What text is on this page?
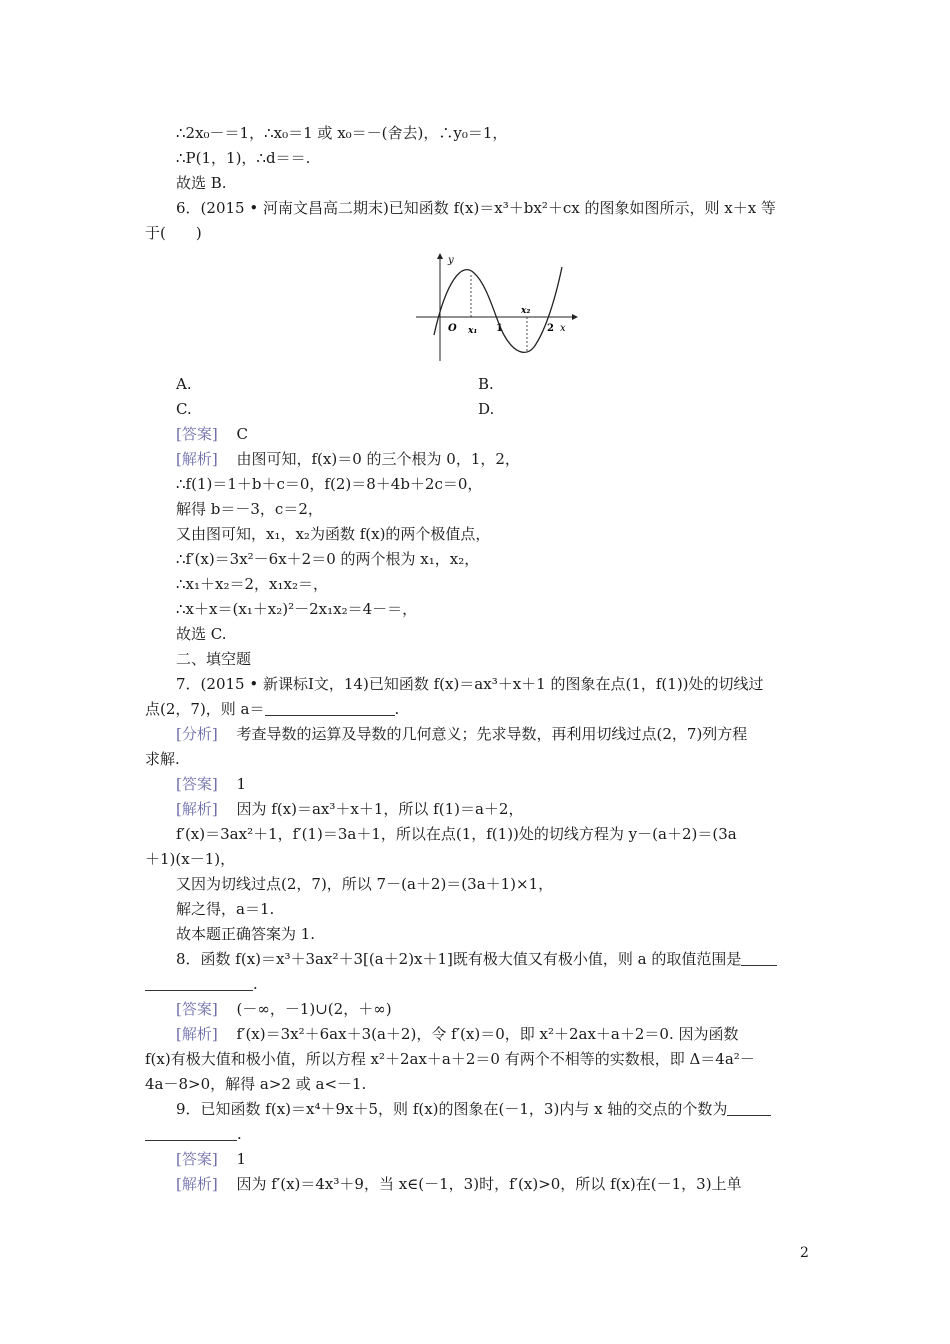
∴2x₀－＝1，∴x₀＝1 或 x₀＝－(舍去)，∴y₀＝1，
∴P(1，1)，∴d＝＝.
故选 B.
6．(2015 • 河南文昌高二期末)已知函数 f(x)＝x³＋bx²＋cx 的图象如图所示，则 x＋x 等
于(　　)
y
x
O x₁
x₂
1	2
A.	B.
C.	D.
[答案] C
[解析] 由图可知，f(x)＝0 的三个根为 0，1，2，
∴f(1)＝1＋b＋c＝0，f(2)＝8＋4b＋2c＝0，
解得 b＝－3，c＝2，
又由图可知，x₁，x₂为函数 f(x)的两个极值点，
∴f′(x)＝3x²－6x＋2＝0 的两个根为 x₁，x₂，
∴x₁＋x₂＝2，x₁x₂＝，
∴x＋x＝(x₁＋x₂)²－2x₁x₂＝4－＝，
故选 C.
二、填空题
7．(2015 • 新课标Ⅰ文，14)已知函数 f(x)＝ax³＋x＋1 的图象在点(1，f(1))处的切线过
点(2，7)，则 a＝	.
[分析] 考查导数的运算及导数的几何意义；先求导数，再利用切线过点(2，7)列方程
求解.
[答案] 1
[解析] 因为 f(x)＝ax³＋x＋1，所以 f(1)＝a＋2，
f′(x)＝3ax²＋1，f′(1)＝3a＋1，所以在点(1，f(1))处的切线方程为 y－(a＋2)＝(3a
＋1)(x－1)，
又因为切线过点(2，7)，所以 7－(a＋2)＝(3a＋1)×1，
解之得，a＝1.
故本题正确答案为 1.
8．函数 f(x)＝x³＋3ax²＋3[(a＋2)x＋1]既有极大值又有极小值，则 a 的取值范围是
.
[答案] (－∞，－1)∪(2，＋∞)
[解析] f′(x)＝3x²＋6ax＋3(a＋2)，令 f′(x)＝0，即 x²＋2ax＋a＋2＝0. 因为函数
f(x)有极大值和极小值，所以方程 x²＋2ax＋a＋2＝0 有两个不相等的实数根，即 Δ＝4a²－
4a－8>0，解得 a>2 或 a<－1.
9．已知函数 f(x)＝x⁴＋9x＋5，则 f(x)的图象在(－1，3)内与 x 轴的交点的个数为
.
[答案] 1
[解析] 因为 f′(x)＝4x³＋9，当 x∈(－1，3)时，f′(x)>0，所以 f(x)在(－1，3)上单
2
